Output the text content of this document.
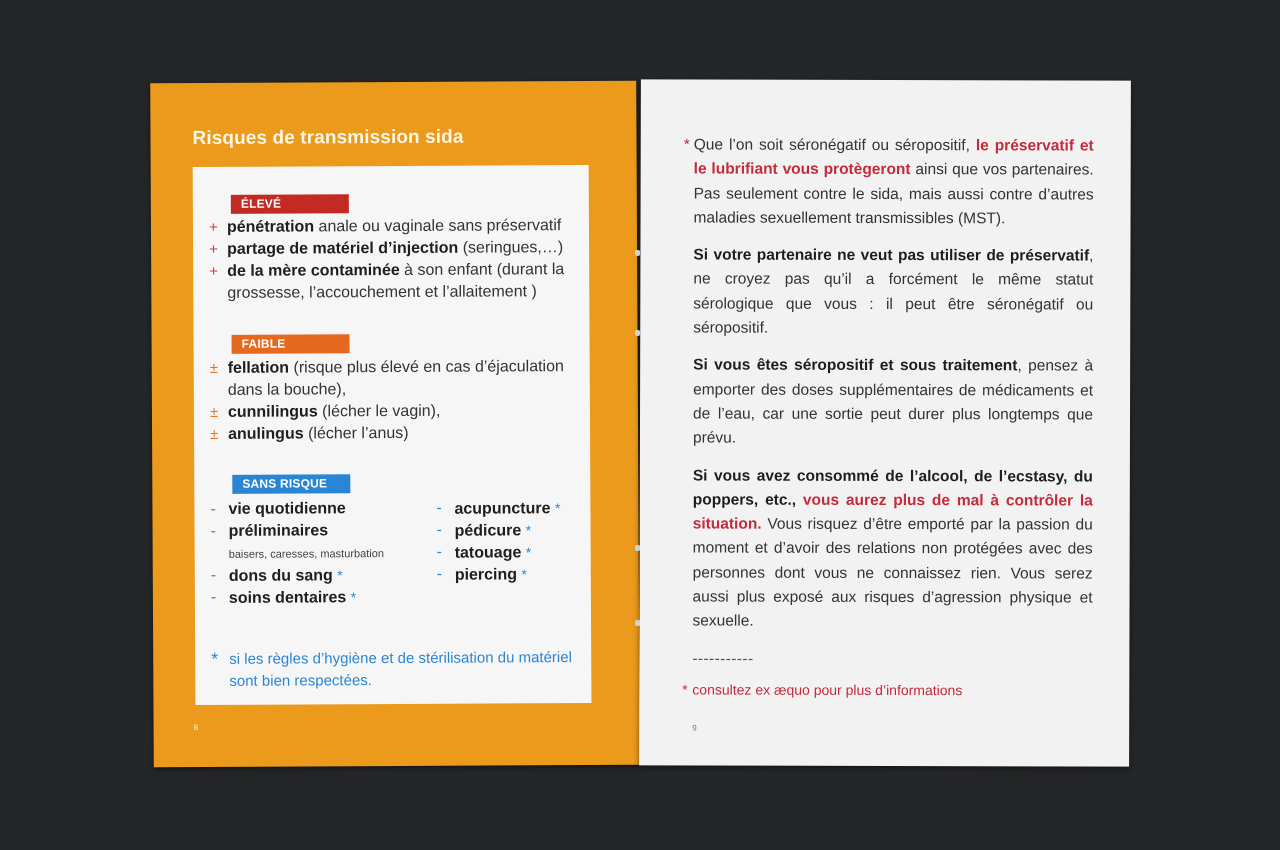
Risques de transmission sida
ÉLEVÉ
+ pénétration anale ou vaginale sans préservatif
+ partage de matériel d’injection (seringues,…)
+ de la mère contaminée à son enfant (durant la grossesse, l’accouchement et l’allaitement )
FAIBLE
± fellation (risque plus élevé en cas d’éjaculation dans la bouche),
± cunnilingus (lécher le vagin),
± anulingus (lécher l’anus)
SANS RISQUE
- vie quotidienne
- préliminaires
baisers, caresses, masturbation
- dons du sang *
- soins dentaires *
- acupuncture *
- pédicure *
- tatouage *
- piercing *
* si les règles d’hygiène et de stérilisation du matériel sont bien respectées.
8

* Que l’on soit séronégatif ou séropositif, le préservatif et le lubrifiant vous protègeront ainsi que vos partenaires. Pas seulement contre le sida, mais aussi contre d’autres maladies sexuellement transmissibles (MST).

Si votre partenaire ne veut pas utiliser de préservatif, ne croyez pas qu’il a forcément le même statut sérologique que vous : il peut être séronégatif ou séropositif.

Si vous êtes séropositif et sous traitement, pensez à emporter des doses supplémentaires de médicaments et de l’eau, car une sortie peut durer plus longtemps que prévu.

Si vous avez consommé de l’alcool, de l’ecstasy, du poppers, etc., vous aurez plus de mal à contrôler la situation. Vous risquez d’être emporté par la passion du moment et d’avoir des relations non protégées avec des personnes dont vous ne connaissez rien. Vous serez aussi plus exposé aux risques d’agression physique et sexuelle.

-----------
* consultez ex æquo pour plus d’informations
9
